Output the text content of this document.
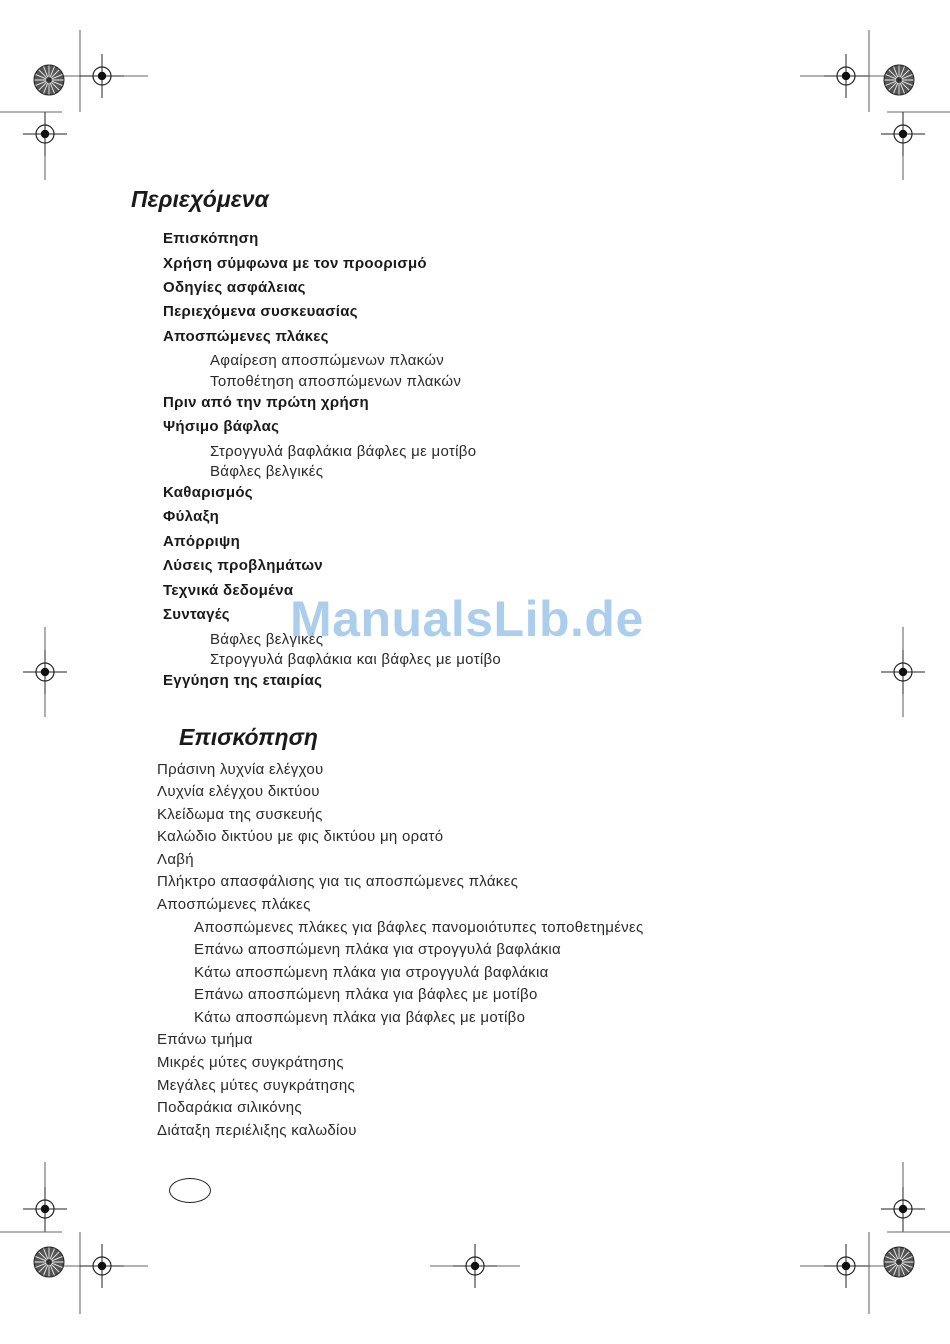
Περιεχόμενα
Επισκόπηση
Χρήση σύμφωνα με τον προορισμό
Οδηγίες ασφάλειας
Περιεχόμενα συσκευασίας
Αποσπώμενες πλάκες
Αφαίρεση αποσπώμενων πλακών
Τοποθέτηση αποσπώμενων πλακών
Πριν από την πρώτη χρήση
Ψήσιμο βάφλας
Στρογγυλά βαφλάκια βάφλες με μοτίβο
Βάφλες βελγικές
Καθαρισμός
Φύλαξη
Απόρριψη
Λύσεις προβλημάτων
Τεχνικά δεδομένα
Συνταγές
Βάφλες βελγικές
Στρογγυλά βαφλάκια και βάφλες με μοτίβο
Εγγύηση της εταιρίας
Επισκόπηση
Πράσινη λυχνία ελέγχου
Λυχνία ελέγχου δικτύου
Κλείδωμα της συσκευής
Καλώδιο δικτύου με φις δικτύου μη ορατό
Λαβή
Πλήκτρο απασφάλισης για τις αποσπώμενες πλάκες
Αποσπώμενες πλάκες
Αποσπώμενες πλάκες για βάφλες πανομοιότυπες τοποθετημένες
Επάνω αποσπώμενη πλάκα για στρογγυλά βαφλάκια
Κάτω αποσπώμενη πλάκα για στρογγυλά βαφλάκια
Επάνω αποσπώμενη πλάκα για βάφλες με μοτίβο
Κάτω αποσπώμενη πλάκα για βάφλες με μοτίβο
Επάνω τμήμα
Μικρές μύτες συγκράτησης
Μεγάλες μύτες συγκράτησης
Ποδαράκια σιλικόνης
Διάταξη περιέλιξης καλωδίου
ManualsLib.de
